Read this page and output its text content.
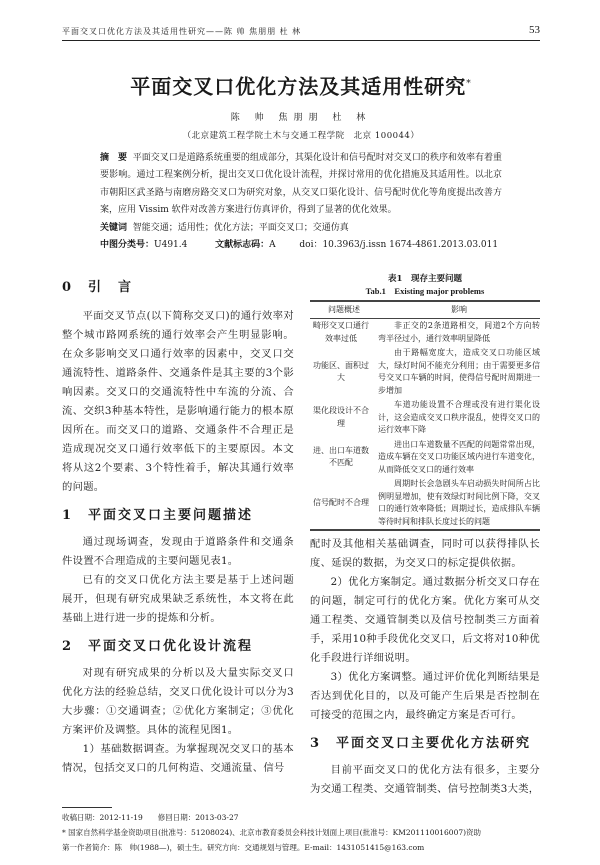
平面交叉口优化方法及其适用性研究——陈 帅 焦朋朋 杜 林	53
平面交叉口优化方法及其适用性研究*
陈 帅 焦朋朋 杜 林
（北京建筑工程学院土木与交通工程学院　北京 100044）
摘　要 平面交叉口是道路系统重要的组成部分，其渠化设计和信号配时对交叉口的秩序和效率有着重要影响。通过工程案例分析，提出交叉口优化设计流程，并探讨常用的优化措施及其适用性。以北京市朝阳区武圣路与南磨房路交叉口为研究对象，从交叉口渠化设计、信号配时优化等角度提出改善方案，应用 Vissim 软件对改善方案进行仿真评价，得到了显著的优化效果。
关键词 智能交通；适用性；优化方法；平面交叉口；交通仿真
中图分类号：U491.4	文献标志码：A	doi：10.3963/j.issn 1674-4861.2013.03.011
0 引　言

平面交叉节点(以下简称交叉口)的通行效率对整个城市路网系统的通行效率会产生明显影响。在众多影响交叉口通行效率的因素中，交叉口交通流特性、道路条件、交通条件是其主要的3个影响因素。交叉口的交通流特性中车流的分流、合流、交织3种基本特性，是影响通行能力的根本原因所在。而交叉口的道路、交通条件不合理正是造成现况交叉口通行效率低下的主要原因。本文将从这2个要素、3个特性着手，解决其通行效率的问题。

1 平面交叉口主要问题描述

通过现场调查，发现由于道路条件和交通条件设置不合理造成的主要问题见表1。

已有的交叉口优化方法主要是基于上述问题展开，但现有研究成果缺乏系统性，本文将在此基础上进行进一步的提炼和分析。

2 平面交叉口优化设计流程

对现有研究成果的分析以及大量实际交叉口优化方法的经验总结，交叉口优化设计可以分为3大步骤：①交通调查；②优化方案制定；③优化方案评价及调整。具体的流程见图1。

1）基础数据调查。为掌握现况交叉口的基本情况，包括交叉口的几何构造、交通流量、信号

表1　现存主要问题
Tab.1　Existing major problems
问题概述	影响
畸形交叉口通行效率过低	非正交的2条道路相交，间道2个方向转弯半径过小，通行效率明显降低
功能区、面积过大	由于路幅宽度大，造成交叉口功能区域大，绿灯时间不能充分利用；由于需要更多信号交叉口车辆的时间，使得信号配时周期进一步增加
渠化段设计不合理	车道功能设置不合理或没有进行渠化设计，这会造成交叉口秩序混乱，使得交叉口的运行效率下降
进、出口车道数不匹配	进出口车道数量不匹配的问题常常出现，造成车辆在交叉口功能区域内进行车道变化，从而降低交叉口的通行效率
信号配时不合理	周期时长会急剧头车启动损失时间所占比例明显增加，使有效绿灯时间比例下降，交叉口的通行效率降低；周期过长，造成排队车辆等待时间和排队长度过长的问题

配时及其他相关基础调查，同时可以获得排队长度、延误的数据，为交叉口的标定提供依据。

2）优化方案制定。通过数据分析交叉口存在的问题，制定可行的优化方案。优化方案可从交通工程类、交通管制类以及信号控制类三方面着手，采用10种手段优化交叉口，后文将对10种优化手段进行详细说明。

3）优化方案调整。通过评价优化判断结果是否达到优化目的，以及可能产生后果是否控制在可接受的范围之内，最终确定方案是否可行。

3 平面交叉口主要优化方法研究

目前平面交叉口的优化方法有很多，主要分为交通工程类、交通管制类、信号控制类3大类，

收稿日期：2012-11-19　　修回日期：2013-03-27
* 国家自然科学基金资助项目(批准号：51208024)、北京市教育委员会科技计划面上项目(批准号：KM201110016007)资助
第一作者简介：陈　帅(1988—)，硕士生。研究方向：交通规划与管理。E-mail：1431051415@163.com
